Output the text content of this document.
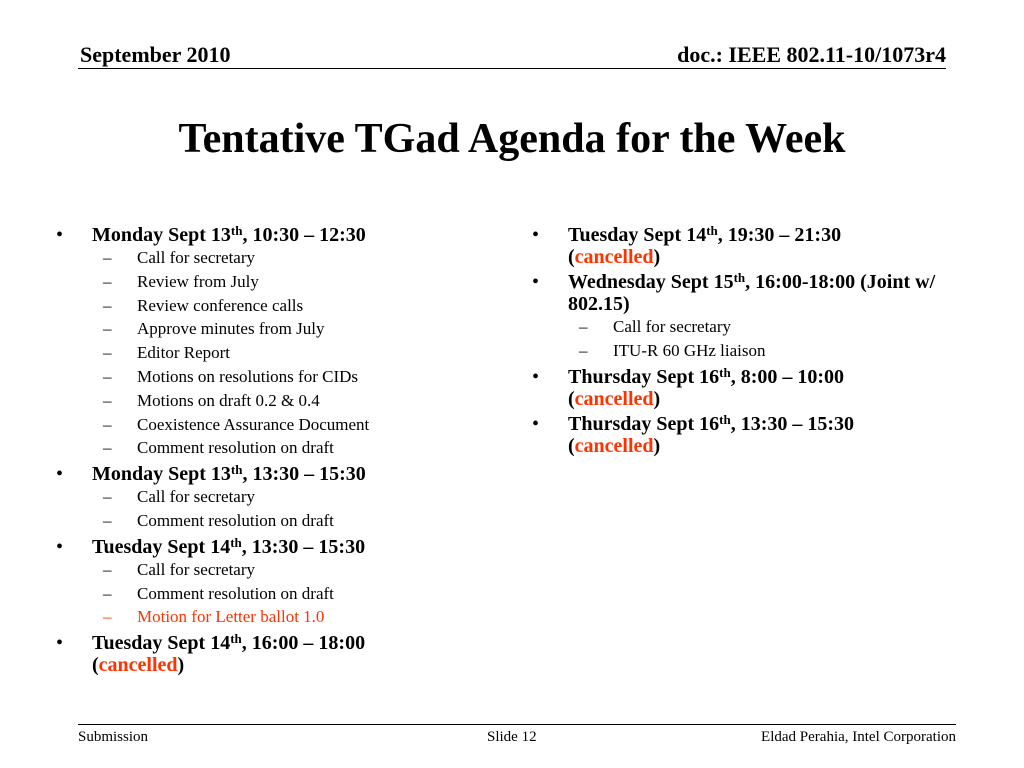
September 2010	doc.: IEEE 802.11-10/1073r4
Tentative TGad Agenda for the Week
• Monday Sept 13th, 10:30 – 12:30
– Call for secretary
– Review from July
– Review conference calls
– Approve minutes from July
– Editor Report
– Motions on resolutions for CIDs
– Motions on draft 0.2 & 0.4
– Coexistence Assurance Document
– Comment resolution on draft
• Monday Sept 13th, 13:30 – 15:30
– Call for secretary
– Comment resolution on draft
• Tuesday Sept 14th, 13:30 – 15:30
– Call for secretary
– Comment resolution on draft
– Motion for Letter ballot 1.0
• Tuesday Sept 14th, 16:00 – 18:00
(cancelled)
• Tuesday Sept 14th, 19:30 – 21:30
(cancelled)
• Wednesday Sept 15th, 16:00-18:00 (Joint w/ 802.15)
– Call for secretary
– ITU-R 60 GHz liaison
• Thursday Sept 16th, 8:00 – 10:00
(cancelled)
• Thursday Sept 16th, 13:30 – 15:30
(cancelled)
Submission	Slide 12	Eldad Perahia, Intel Corporation
